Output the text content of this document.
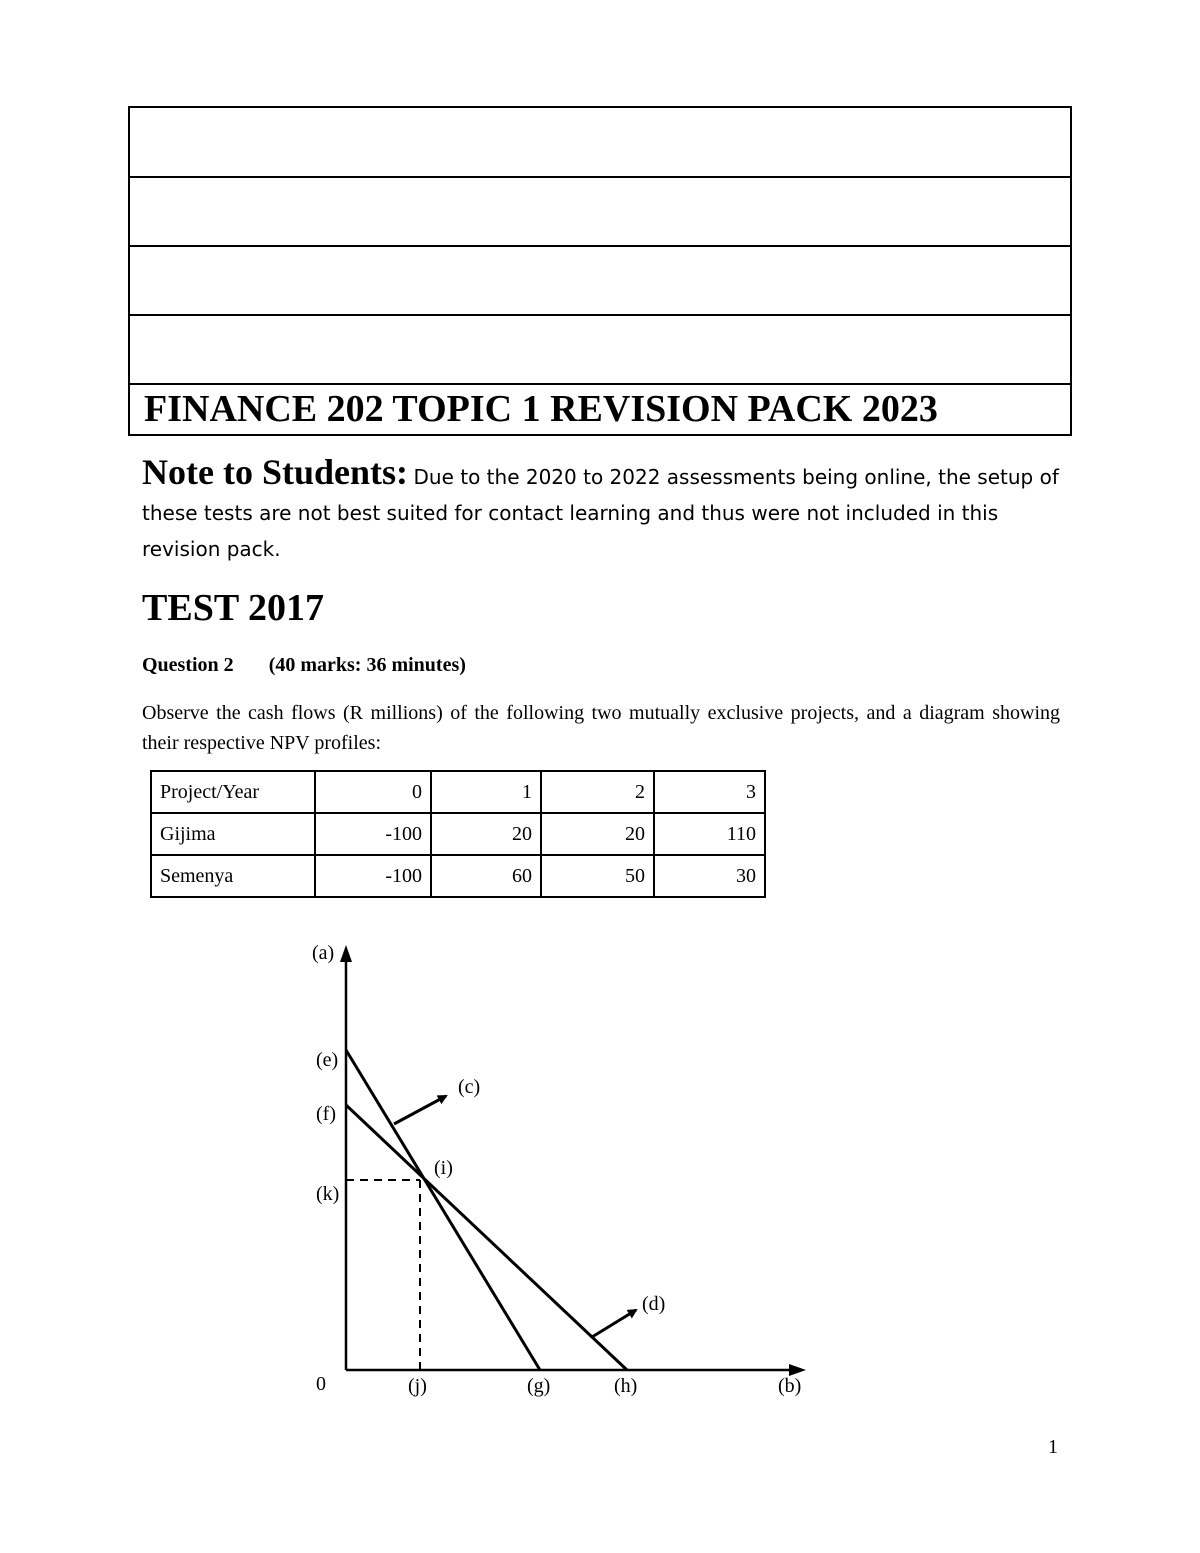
FINANCE 202 TOPIC 1 REVISION PACK 2023
Note to Students: Due to the 2020 to 2022 assessments being online, the setup of these tests are not best suited for contact learning and thus were not included in this revision pack.
TEST 2017
Question 2 (40 marks: 36 minutes)
Observe the cash flows (R millions) of the following two mutually exclusive projects, and a diagram showing their respective NPV profiles:
Project/Year	0	1	2	3
Gijima	-100	20	20	110
Semenya	-100	60	50	30
(a)
(b)
(c)
(d)
(e)
(f)
(g)	(h)
(i)
(j)
(k)
0
1
